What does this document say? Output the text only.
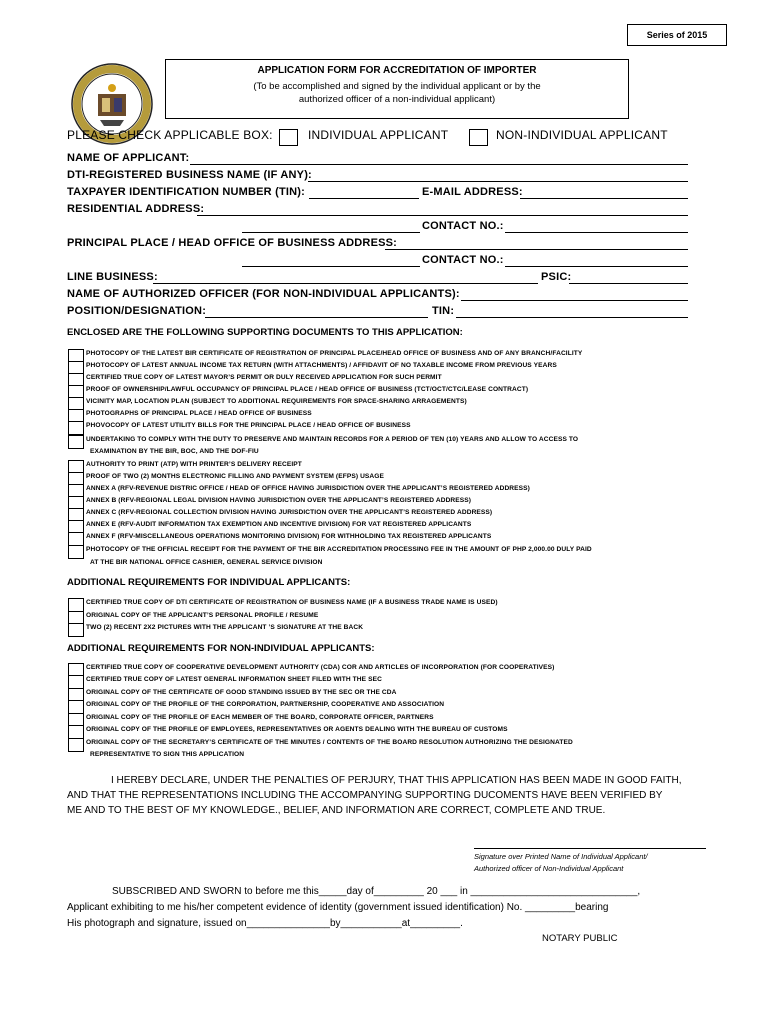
Series of 2015
APPLICATION FORM FOR ACCREDITATION OF IMPORTER
(To be accomplished and signed by the individual applicant or by the
authorized officer of a non-individual applicant)
PLEASE CHECK APPLICABLE BOX:	INDIVIDUAL APPLICANT	NON-INDIVIDUAL APPLICANT
NAME OF APPLICANT:
DTI-REGISTERED BUSINESS NAME (IF ANY):
TAXPAYER IDENTIFICATION NUMBER (TIN):	E-MAIL ADDRESS:
RESIDENTIAL ADDRESS:
CONTACT NO.:
PRINCIPAL PLACE / HEAD OFFICE OF BUSINESS ADDRESS:
CONTACT NO.:
LINE BUSINESS:	PSIC:
NAME OF AUTHORIZED OFFICER (FOR NON-INDIVIDUAL APPLICANTS):
POSITION/DESIGNATION:	TIN:
ENCLOSED ARE THE FOLLOWING SUPPORTING DOCUMENTS TO THIS APPLICATION:
PHOTOCOPY OF THE LATEST BIR CERTIFICATE OF REGISTRATION OF PRINCIPAL PLACE/HEAD OFFICE OF BUSINESS AND OF ANY BRANCH/FACILITY
PHOTOCOPY OF LATEST ANNUAL INCOME TAX RETURN (WITH ATTACHMENTS) / AFFIDAVIT OF NO TAXABLE INCOME FROM PREVIOUS YEARS
CERTIFIED TRUE COPY OF LATEST MAYOR’S PERMIT OR DULY RECEIVED APPLICATION FOR SUCH PERMIT
PROOF OF OWNERSHIP/LAWFUL OCCUPANCY OF PRINCIPAL PLACE / HEAD OFFICE OF BUSINESS (TCT/OCT/CTC/LEASE CONTRACT)
VICINITY MAP, LOCATION PLAN (SUBJECT TO ADDITIONAL REQUIREMENTS FOR SPACE-SHARING ARRAGEMENTS)
PHOTOGRAPHS OF PRINCIPAL PLACE / HEAD OFFICE OF BUSINESS
PHOVOCOPY OF LATEST UTILITY BILLS FOR THE PRINCIPAL PLACE / HEAD OFFICE OF BUSINESS
UNDERTAKING TO COMPLY WITH THE DUTY TO PRESERVE AND MAINTAIN RECORDS FOR A PERIOD OF TEN (10) YEARS AND ALLOW TO ACCESS TO
AUTHORITY TO PRINT (ATP) WITH PRINTER’S DELIVERY RECEIPT
PROOF OF TWO (2) MONTHS ELECTRONIC FILLING AND PAYMENT SYSTEM (EFPS) USAGE
ANNEX A (RFV-REVENUE DISTRIC OFFICE / HEAD OF OFFICE HAVING JURISDICTION OVER THE APPLICANT’S REGISTERED ADDRESS)
ANNEX B (RFV-REGIONAL LEGAL DIVISION HAVING JURISDICTION OVER THE APPLICANT’S REGISTERED ADDRESS)
ANNEX C (RFV-REGIONAL COLLECTION DIVISION HAVING JURISDICTION OVER THE APPLICANT’S REGISTERED ADDRESS)
ANNEX E (RFV-AUDIT INFORMATION TAX EXEMPTION AND INCENTIVE DIVISION) FOR VAT REGISTERED APPLICANTS
ANNEX F (RFV-MISCELLANEOUS OPERATIONS MONITORING DIVISION) FOR WITHHOLDING TAX REGISTERED APPLICANTS
PHOTOCOPY OF THE OFFICIAL RECEIPT FOR THE PAYMENT OF THE BIR ACCREDITATION PROCESSING FEE IN THE AMOUNT OF PHP 2,000.00 DULY PAID
EXAMINATION BY THE BIR, BOC, AND THE DOF-FIU
AT THE BIR NATIONAL OFFICE CASHIER, GENERAL SERVICE DIVISION
ADDITIONAL REQUIREMENTS FOR INDIVIDUAL APPLICANTS:
CERTIFIED TRUE COPY OF DTI CERTIFICATE OF REGISTRATION OF BUSINESS NAME (IF A BUSINESS TRADE NAME IS USED)
ORIGINAL COPY OF THE APPLICANT’S PERSONAL PROFILE / RESUME
TWO (2) RECENT 2X2 PICTURES WITH THE APPLICANT ’S SIGNATURE AT THE BACK
ADDITIONAL REQUIREMENTS FOR NON-INDIVIDUAL APPLICANTS:
CERTIFIED TRUE COPY OF COOPERATIVE DEVELOPMENT AUTHORITY (CDA) COR AND ARTICLES OF INCORPORATION (FOR COOPERATIVES)
CERTIFIED TRUE COPY OF LATEST GENERAL INFORMATION SHEET FILED WITH THE SEC
ORIGINAL COPY OF THE CERTIFICATE OF GOOD STANDING ISSUED BY THE SEC OR THE CDA
ORIGINAL COPY OF THE PROFILE OF THE CORPORATION, PARTNERSHIP, COOPERATIVE AND ASSOCIATION
ORIGINAL COPY OF THE PROFILE OF EACH MEMBER OF THE BOARD, CORPORATE OFFICER, PARTNERS
ORIGINAL COPY OF THE PROFILE OF EMPLOYEES, REPRESENTATIVES OR AGENTS DEALING WITH THE BUREAU OF CUSTOMS
ORIGINAL COPY OF THE SECRETARY’S CERTIFICATE OF THE MINUTES / CONTENTS OF THE BOARD RESOLUTION AUTHORIZING THE DESIGNATED
REPRESENTATIVE TO SIGN THIS APPLICATION
I HEREBY DECLARE, UNDER THE PENALTIES OF PERJURY, THAT THIS APPLICATION HAS BEEN MADE IN GOOD FAITH,
AND THAT THE REPRESENTATIONS INCLUDING THE ACCOMPANYING SUPPORTING DUCOMENTS HAVE BEEN VERIFIED BY
ME AND TO THE BEST OF MY KNOWLEDGE., BELIEF, AND INFORMATION ARE CORRECT, COMPLETE AND TRUE.
Signature over Printed Name of Individual Applicant/
Authorized officer of Non-Individual Applicant
SUBSCRIBED AND SWORN to before me this_____day of_________ 20 ___ in ______________________________,
Applicant exhibiting to me his/her competent evidence of identity (government issued identification) No. _________bearing
His photograph and signature, issued on_______________by___________at_________.
NOTARY PUBLIC
